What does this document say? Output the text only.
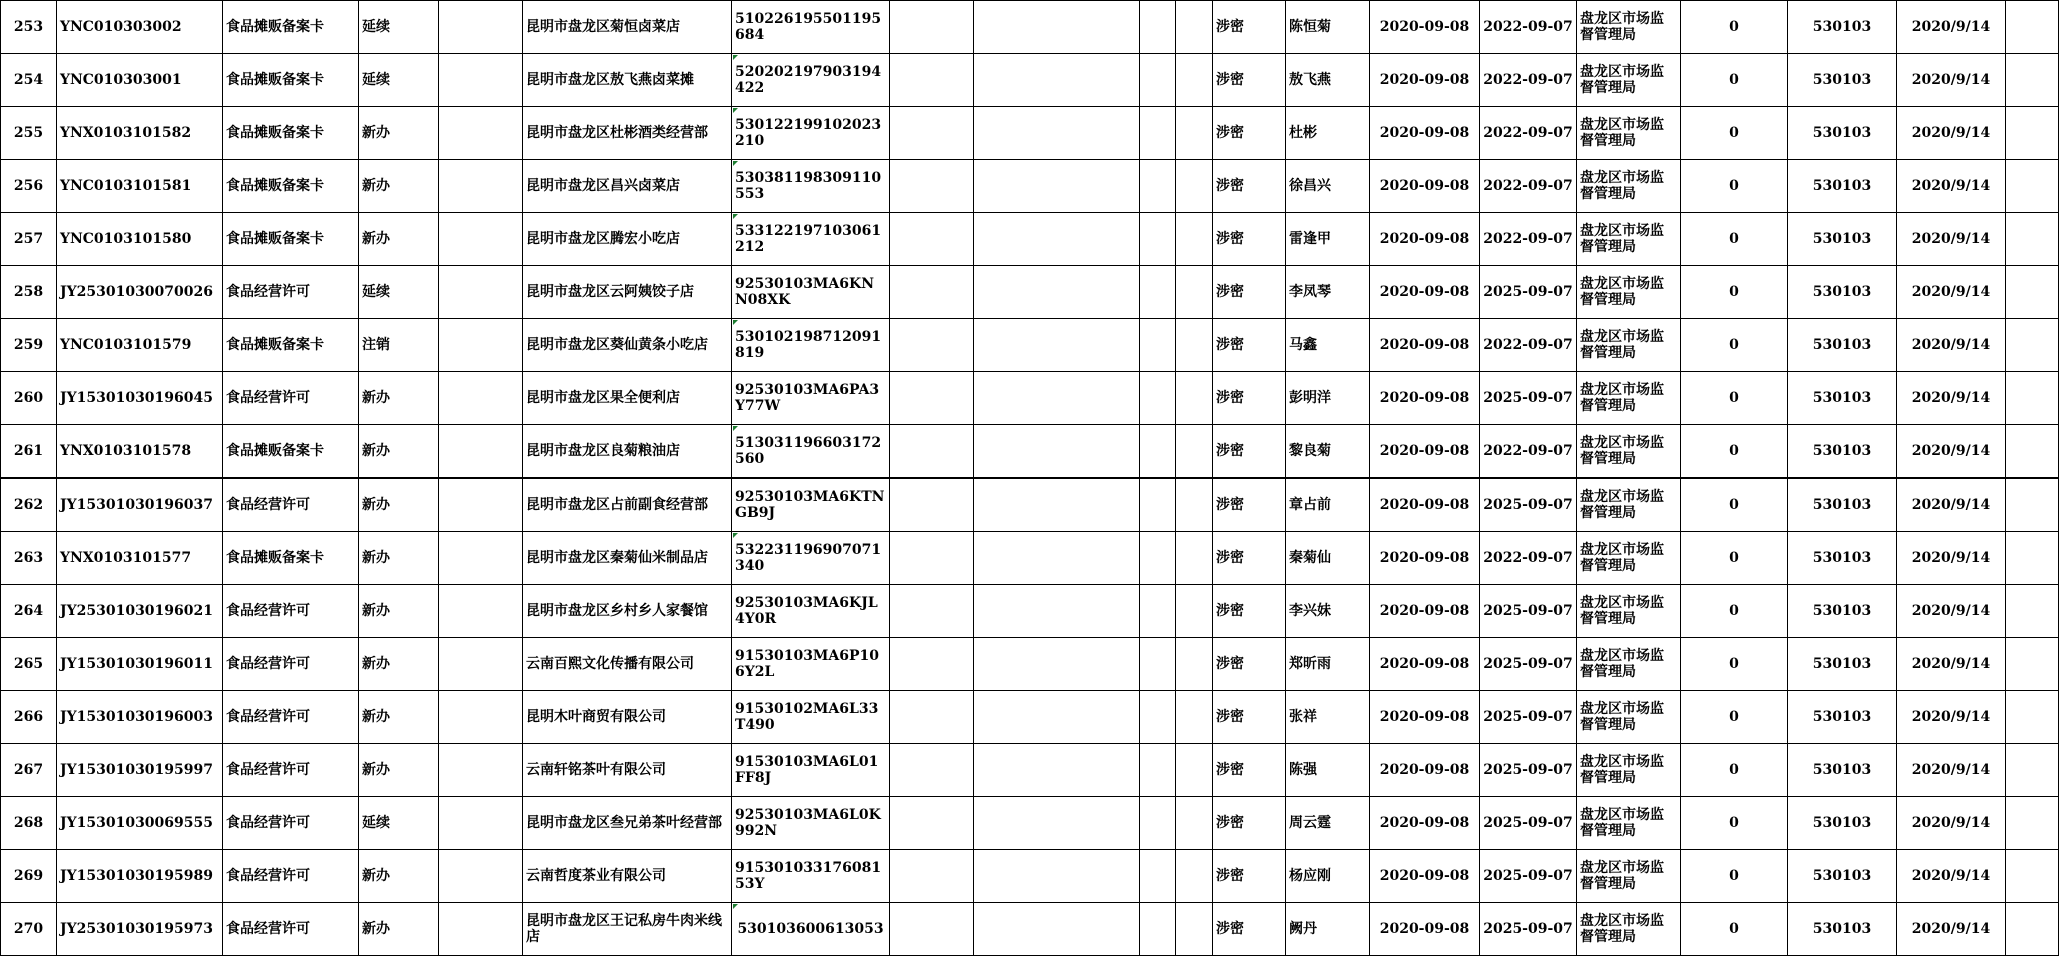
253	YNC010303002	食品摊贩备案卡	延续		昆明市盘龙区菊恒卤菜店	510226195501195684					涉密	陈恒菊	2020-09-08	2022-09-07	盘龙区市场监督管理局	0	530103	2020/9/14	
254	YNC010303001	食品摊贩备案卡	延续		昆明市盘龙区敖飞燕卤菜摊	520202197903194422					涉密	敖飞燕	2020-09-08	2022-09-07	盘龙区市场监督管理局	0	530103	2020/9/14	
255	YNX0103101582	食品摊贩备案卡	新办		昆明市盘龙区杜彬酒类经营部	530122199102023210					涉密	杜彬	2020-09-08	2022-09-07	盘龙区市场监督管理局	0	530103	2020/9/14	
256	YNC0103101581	食品摊贩备案卡	新办		昆明市盘龙区昌兴卤菜店	530381198309110553					涉密	徐昌兴	2020-09-08	2022-09-07	盘龙区市场监督管理局	0	530103	2020/9/14	
257	YNC0103101580	食品摊贩备案卡	新办		昆明市盘龙区腾宏小吃店	533122197103061212					涉密	雷逢甲	2020-09-08	2022-09-07	盘龙区市场监督管理局	0	530103	2020/9/14	
258	JY25301030070026	食品经营许可	延续		昆明市盘龙区云阿姨饺子店	92530103MA6KNN08XK					涉密	李凤琴	2020-09-08	2025-09-07	盘龙区市场监督管理局	0	530103	2020/9/14	
259	YNC0103101579	食品摊贩备案卡	注销		昆明市盘龙区葵仙黄条小吃店	530102198712091819					涉密	马鑫	2020-09-08	2022-09-07	盘龙区市场监督管理局	0	530103	2020/9/14	
260	JY15301030196045	食品经营许可	新办		昆明市盘龙区果全便利店	92530103MA6PA3Y77W					涉密	彭明洋	2020-09-08	2025-09-07	盘龙区市场监督管理局	0	530103	2020/9/14	
261	YNX0103101578	食品摊贩备案卡	新办		昆明市盘龙区良菊粮油店	513031196603172560					涉密	黎良菊	2020-09-08	2022-09-07	盘龙区市场监督管理局	0	530103	2020/9/14	
262	JY15301030196037	食品经营许可	新办		昆明市盘龙区占前副食经营部	92530103MA6KTNGB9J					涉密	章占前	2020-09-08	2025-09-07	盘龙区市场监督管理局	0	530103	2020/9/14	
263	YNX0103101577	食品摊贩备案卡	新办		昆明市盘龙区秦菊仙米制品店	532231196907071340					涉密	秦菊仙	2020-09-08	2022-09-07	盘龙区市场监督管理局	0	530103	2020/9/14	
264	JY25301030196021	食品经营许可	新办		昆明市盘龙区乡村乡人家餐馆	92530103MA6KJL4Y0R					涉密	李兴妹	2020-09-08	2025-09-07	盘龙区市场监督管理局	0	530103	2020/9/14	
265	JY15301030196011	食品经营许可	新办		云南百熙文化传播有限公司	91530103MA6P106Y2L					涉密	郑昕雨	2020-09-08	2025-09-07	盘龙区市场监督管理局	0	530103	2020/9/14	
266	JY15301030196003	食品经营许可	新办		昆明木叶商贸有限公司	91530102MA6L33T490					涉密	张祥	2020-09-08	2025-09-07	盘龙区市场监督管理局	0	530103	2020/9/14	
267	JY15301030195997	食品经营许可	新办		云南轩铭茶叶有限公司	91530103MA6L01FF8J					涉密	陈强	2020-09-08	2025-09-07	盘龙区市场监督管理局	0	530103	2020/9/14	
268	JY15301030069555	食品经营许可	延续		昆明市盘龙区叁兄弟茶叶经营部	92530103MA6L0K992N					涉密	周云霆	2020-09-08	2025-09-07	盘龙区市场监督管理局	0	530103	2020/9/14	
269	JY15301030195989	食品经营许可	新办		云南哲度茶业有限公司	915301033176081​53Y					涉密	杨应刚	2020-09-08	2025-09-07	盘龙区市场监督管理局	0	530103	2020/9/14	
270	JY25301030195973	食品经营许可	新办		昆明市盘龙区王记私房牛肉米线店	530103600613053					涉密	阙丹	2020-09-08	2025-09-07	盘龙区市场监督管理局	0	530103	2020/9/14	
